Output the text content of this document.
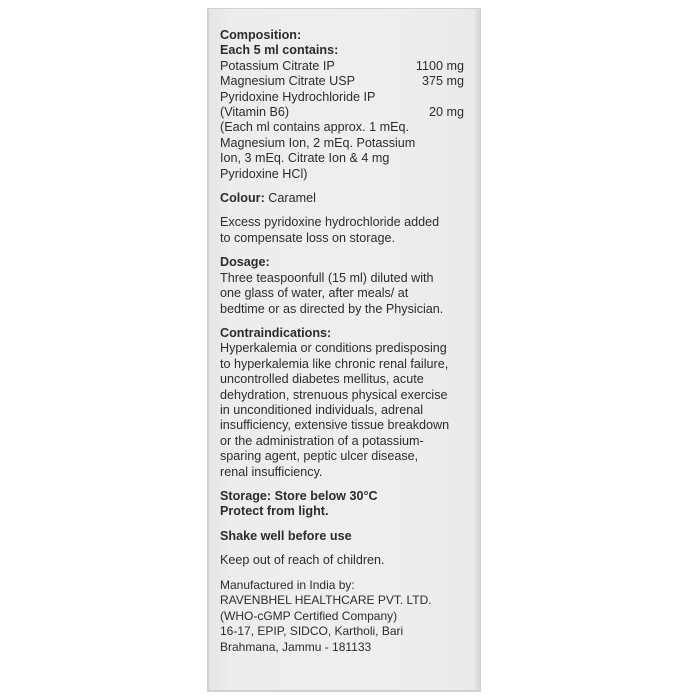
Composition:
Each 5 ml contains:
Potassium Citrate IP	1100 mg
Magnesium Citrate USP	375 mg
Pyridoxine Hydrochloride IP
(Vitamin B6)	20 mg
(Each ml contains approx. 1 mEq.
Magnesium Ion, 2 mEq. Potassium
Ion, 3 mEq. Citrate Ion & 4 mg
Pyridoxine HCl)
Colour: Caramel
Excess pyridoxine hydrochloride added
to compensate loss on storage.
Dosage:
Three teaspoonfull (15 ml) diluted with
one glass of water, after meals/ at
bedtime or as directed by the Physician.
Contraindications:
Hyperkalemia or conditions predisposing
to hyperkalemia like chronic renal failure,
uncontrolled diabetes mellitus, acute
dehydration, strenuous physical exercise
in unconditioned individuals, adrenal
insufficiency, extensive tissue breakdown
or the administration of a potassium-
sparing agent, peptic ulcer disease,
renal insufficiency.
Storage: Store below 30°C
Protect from light.
Shake well before use
Keep out of reach of children.
Manufactured in India by:
RAVENBHEL HEALTHCARE PVT. LTD.
(WHO-cGMP Certified Company)
16-17, EPIP, SIDCO, Kartholi, Bari
Brahmana, Jammu - 181133
